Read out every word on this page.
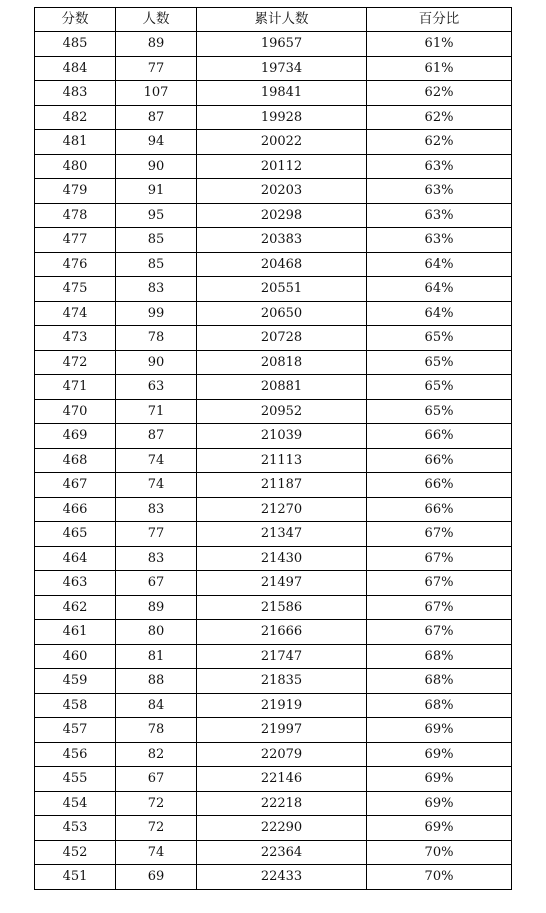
分数	人数	累计人数	百分比
485	89	19657	61%
484	77	19734	61%
483	107	19841	62%
482	87	19928	62%
481	94	20022	62%
480	90	20112	63%
479	91	20203	63%
478	95	20298	63%
477	85	20383	63%
476	85	20468	64%
475	83	20551	64%
474	99	20650	64%
473	78	20728	65%
472	90	20818	65%
471	63	20881	65%
470	71	20952	65%
469	87	21039	66%
468	74	21113	66%
467	74	21187	66%
466	83	21270	66%
465	77	21347	67%
464	83	21430	67%
463	67	21497	67%
462	89	21586	67%
461	80	21666	67%
460	81	21747	68%
459	88	21835	68%
458	84	21919	68%
457	78	21997	69%
456	82	22079	69%
455	67	22146	69%
454	72	22218	69%
453	72	22290	69%
452	74	22364	70%
451	69	22433	70%
